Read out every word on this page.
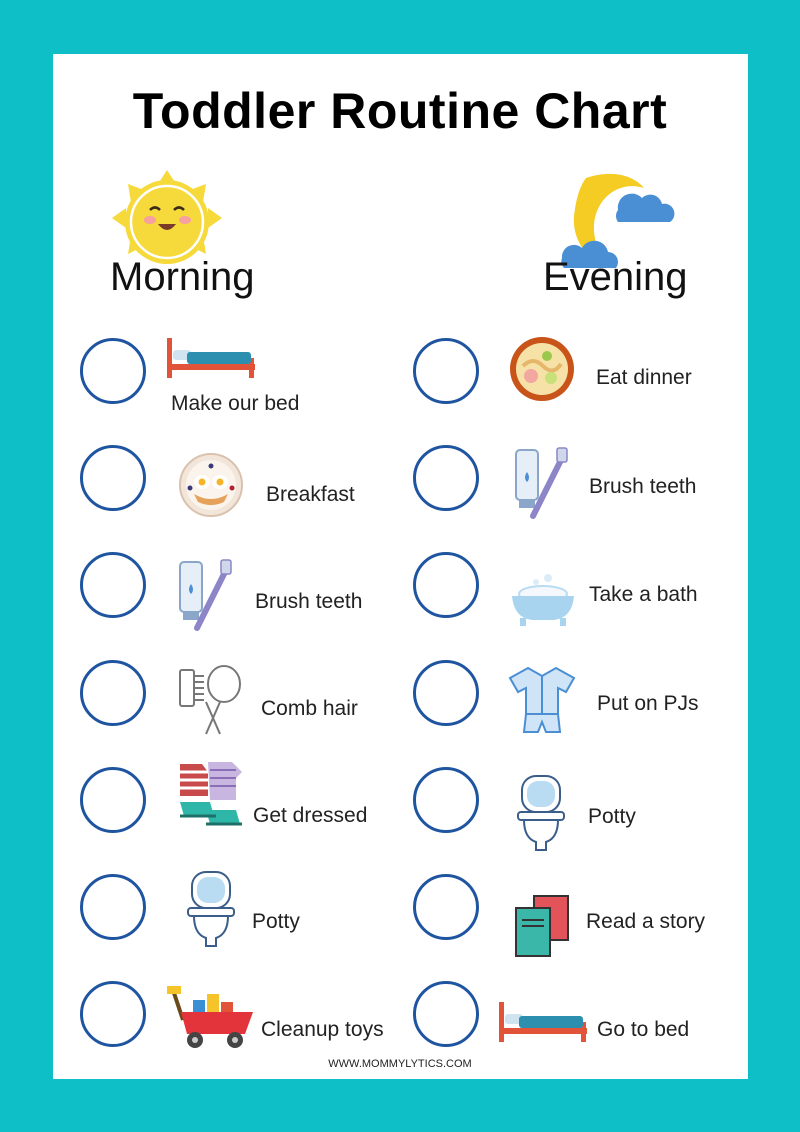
Toddler Routine Chart
Morning	Evening
Make our bed
Breakfast
Brush teeth
Comb hair
Get dressed
Potty
Cleanup toys
Eat dinner
Brush teeth
Take a bath
Put on PJs
Potty
Read a story
Go to bed
WWW.MOMMYLYTICS.COM
